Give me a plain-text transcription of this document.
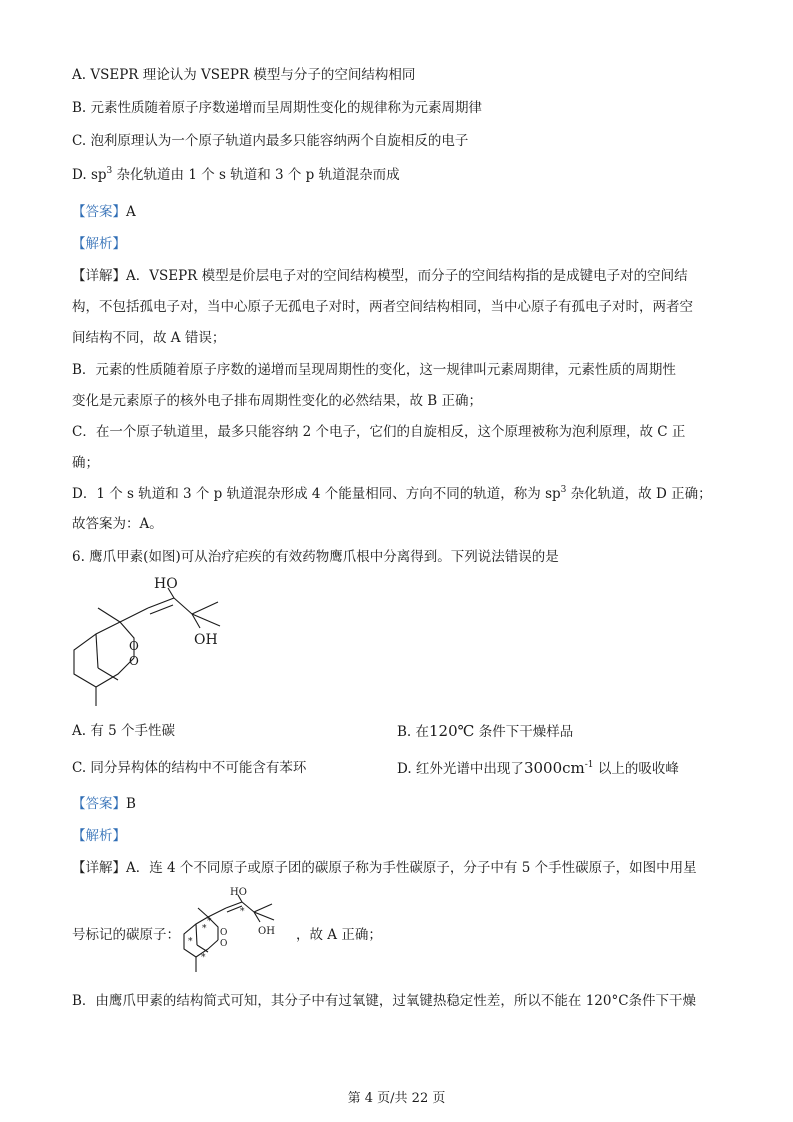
A. VSEPR 理论认为 VSEPR 模型与分子的空间结构相同
B. 元素性质随着原子序数递增而呈周期性变化的规律称为元素周期律
C. 泡利原理认为一个原子轨道内最多只能容纳两个自旋相反的电子
D. $sp^3$ 杂化轨道由 1 个 s 轨道和 3 个 p 轨道混杂而成
【答案】A
【解析】
【详解】A．VSEPR 模型是价层电子对的空间结构模型，而分子的空间结构指的是成键电子对的空间结
构，不包括孤电子对，当中心原子无孤电子对时，两者空间结构相同，当中心原子有孤电子对时，两者空
间结构不同，故 A 错误；
B．元素的性质随着原子序数的递增而呈现周期性的变化，这一规律叫元素周期律，元素性质的周期性
变化是元素原子的核外电子排布周期性变化的必然结果，故 B 正确；
C．在一个原子轨道里，最多只能容纳 2 个电子，它们的自旋相反，这个原理被称为泡利原理，故 C 正
确；
D．1 个 s 轨道和 3 个 p 轨道混杂形成 4 个能量相同、方向不同的轨道，称为 $sp^3$ 杂化轨道，故 D 正确；
故答案为：A。
6. 鹰爪甲素(如图)可从治疗疟疾的有效药物鹰爪根中分离得到。下列说法错误的是
HO
OH
O
O
A. 有 5 个手性碳	B. 在120℃ 条件下干燥样品
C. 同分异构体的结构中不可能含有苯环	D. 红外光谱中出现了$3000cm^{-1}$ 以上的吸收峰
【答案】B
【解析】
【详解】A．连 4 个不同原子或原子团的碳原子称为手性碳原子，分子中有 5 个手性碳原子，如图中用星
号标记的碳原子：
HO
OH
O
O
*
*
*
*
*
，故 A 正确；
B．由鹰爪甲素的结构简式可知，其分子中有过氧键，过氧键热稳定性差，所以不能在 120°C条件下干燥
第 4 页/共 22 页
